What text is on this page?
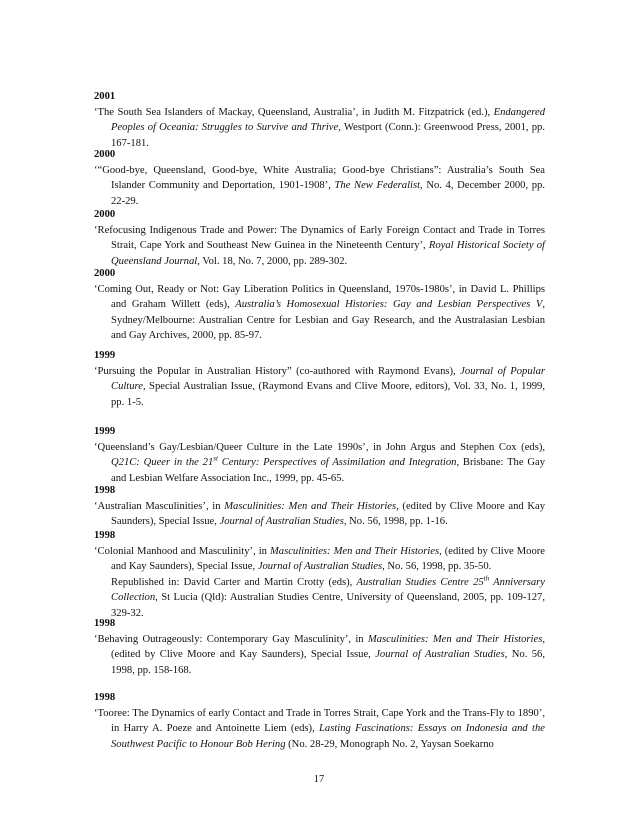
2001
‘The South Sea Islanders of Mackay, Queensland, Australia’, in Judith M. Fitzpatrick (ed.), Endangered Peoples of Oceania: Struggles to Survive and Thrive, Westport (Conn.): Greenwood Press, 2001, pp. 167-181.
2000
‘“Good-bye, Queensland, Good-bye, White Australia; Good-bye Christians”: Australia’s South Sea Islander Community and Deportation, 1901-1908’, The New Federalist, No. 4, December 2000, pp. 22-29.
2000
‘Refocusing Indigenous Trade and Power: The Dynamics of Early Foreign Contact and Trade in Torres Strait, Cape York and Southeast New Guinea in the Nineteenth Century’, Royal Historical Society of Queensland Journal, Vol. 18, No. 7, 2000, pp. 289-302.
2000
‘Coming Out, Ready or Not: Gay Liberation Politics in Queensland, 1970s-1980s’, in David L. Phillips and Graham Willett (eds), Australia’s Homosexual Histories: Gay and Lesbian Perspectives V, Sydney/Melbourne: Australian Centre for Lesbian and Gay Research, and the Australasian Lesbian and Gay Archives, 2000, pp. 85-97.
1999
‘Pursuing the Popular in Australian History” (co-authored with Raymond Evans), Journal of Popular Culture, Special Australian Issue, (Raymond Evans and Clive Moore, editors), Vol. 33, No. 1, 1999, pp. 1-5.
1999
‘Queensland’s Gay/Lesbian/Queer Culture in the Late 1990s’, in John Argus and Stephen Cox (eds), Q21C: Queer in the 21st Century: Perspectives of Assimilation and Integration, Brisbane: The Gay and Lesbian Welfare Association Inc., 1999, pp. 45-65.
1998
‘Australian Masculinities’, in Masculinities: Men and Their Histories, (edited by Clive Moore and Kay Saunders), Special Issue, Journal of Australian Studies, No. 56, 1998, pp. 1-16.
1998
‘Colonial Manhood and Masculinity’, in Masculinities: Men and Their Histories, (edited by Clive Moore and Kay Saunders), Special Issue, Journal of Australian Studies, No. 56, 1998, pp. 35-50.
Republished in: David Carter and Martin Crotty (eds), Australian Studies Centre 25th Anniversary Collection, St Lucia (Qld): Australian Studies Centre, University of Queensland, 2005, pp. 109-127, 329-32.
1998
‘Behaving Outrageously: Contemporary Gay Masculinity’, in Masculinities: Men and Their Histories, (edited by Clive Moore and Kay Saunders), Special Issue, Journal of Australian Studies, No. 56, 1998, pp. 158-168.
1998
‘Tooree: The Dynamics of early Contact and Trade in Torres Strait, Cape York and the Trans-Fly to 1890’, in Harry A. Poeze and Antoinette Liem (eds), Lasting Fascinations: Essays on Indonesia and the Southwest Pacific to Honour Bob Hering (No. 28-29, Monograph No. 2, Yaysan Soekarno
17
